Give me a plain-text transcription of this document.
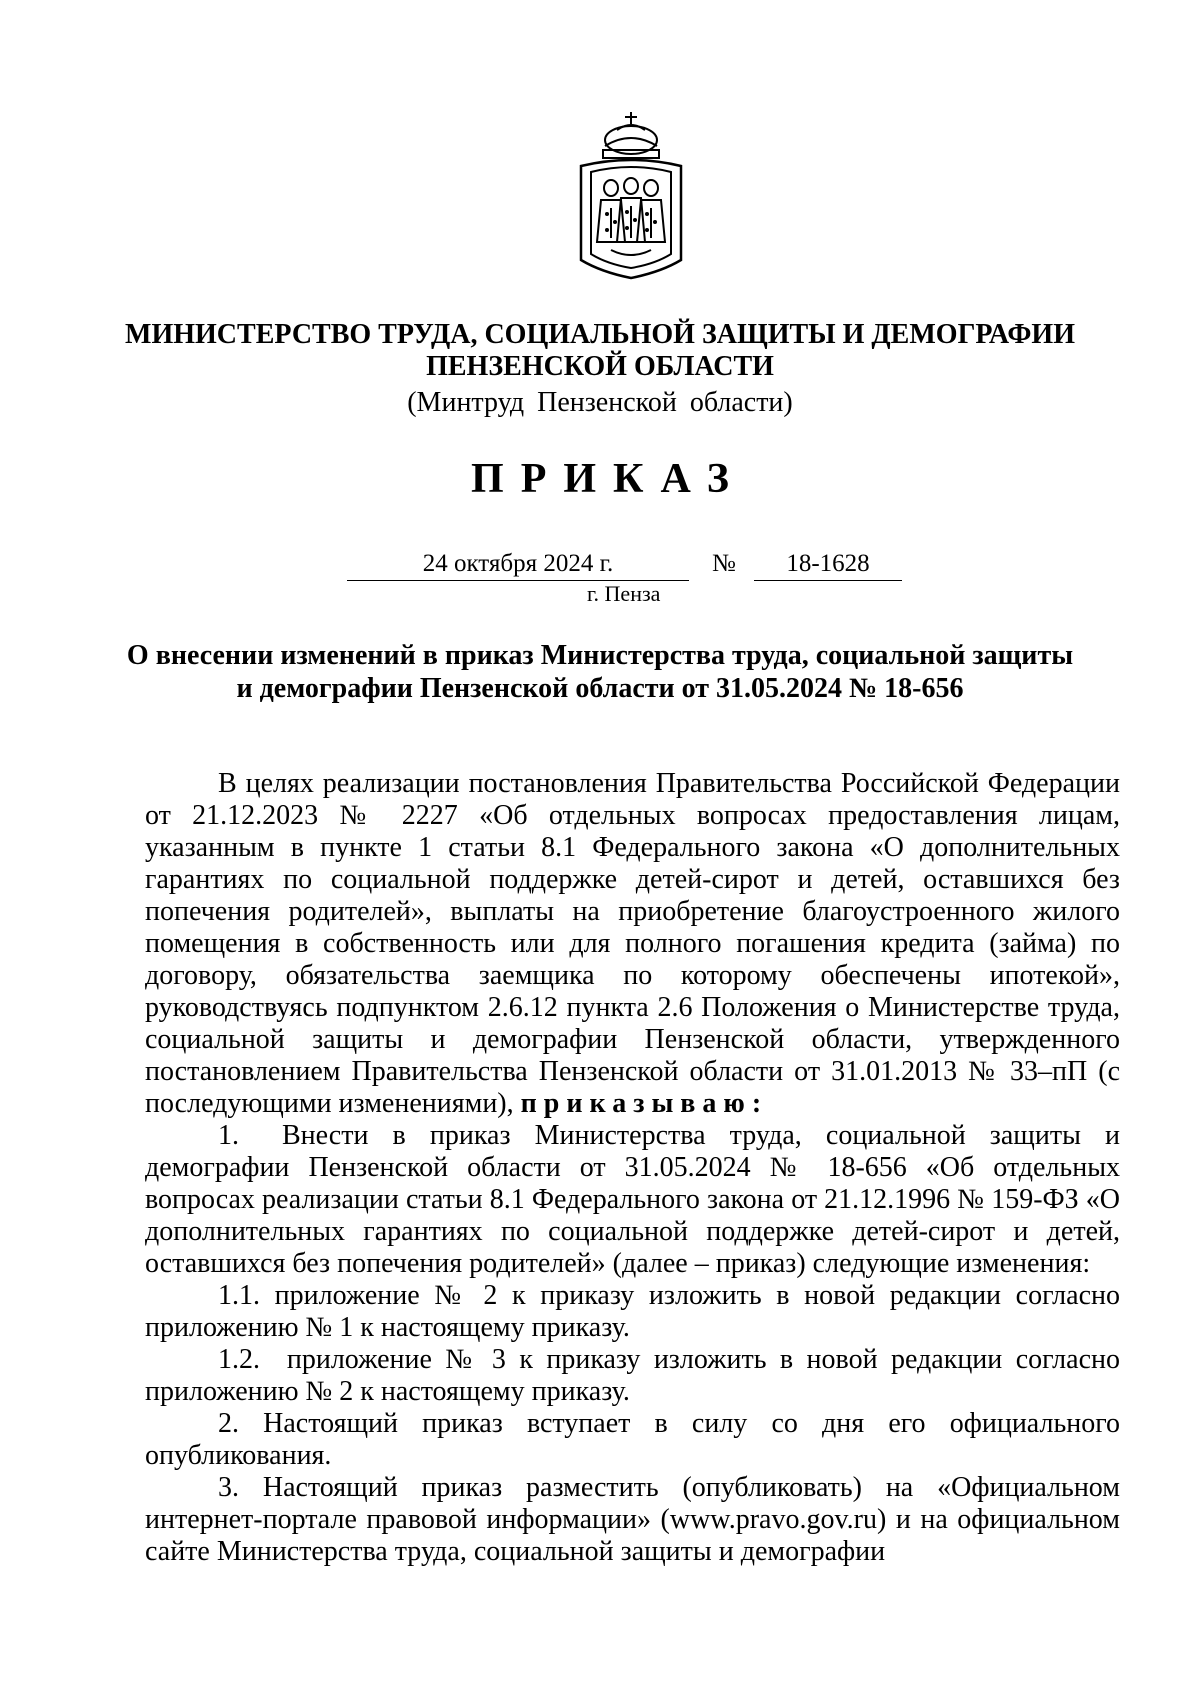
МИНИСТЕРСТВО ТРУДА, СОЦИАЛЬНОЙ ЗАЩИТЫ И ДЕМОГРАФИИ
ПЕНЗЕНСКОЙ ОБЛАСТИ
(Минтруд Пензенской области)
ПРИКАЗ
24 октября 2024 г.	№	18-1628
г. Пенза
О внесении изменений в приказ Министерства труда, социальной защиты
и демографии Пензенской области от 31.05.2024 № 18-656

В целях реализации постановления Правительства Российской Федерации от 21.12.2023 № 2227 «Об отдельных вопросах предоставления лицам, указанным в пункте 1 статьи 8.1 Федерального закона «О дополнительных гарантиях по социальной поддержке детей-сирот и детей, оставшихся без попечения родителей», выплаты на приобретение благоустроенного жилого помещения в собственность или для полного погашения кредита (займа) по договору, обязательства заемщика по которому обеспечены ипотекой», руководствуясь подпунктом 2.6.12 пункта 2.6 Положения о Министерстве труда, социальной защиты и демографии Пензенской области, утвержденного постановлением Правительства Пензенской области от 31.01.2013 № 33–пП (с последующими изменениями), приказываю:

1. Внести в приказ Министерства труда, социальной защиты и демографии Пензенской области от 31.05.2024 № 18-656 «Об отдельных вопросах реализации статьи 8.1 Федерального закона от 21.12.1996 № 159-ФЗ «О дополнительных гарантиях по социальной поддержке детей-сирот и детей, оставшихся без попечения родителей» (далее – приказ) следующие изменения:

1.1. приложение № 2 к приказу изложить в новой редакции согласно приложению № 1 к настоящему приказу.

1.2. приложение № 3 к приказу изложить в новой редакции согласно приложению № 2 к настоящему приказу.

2. Настоящий приказ вступает в силу со дня его официального опубликования.

3. Настоящий приказ разместить (опубликовать) на «Официальном интернет-портале правовой информации» (www.pravo.gov.ru) и на официальном сайте Министерства труда, социальной защиты и демографии
